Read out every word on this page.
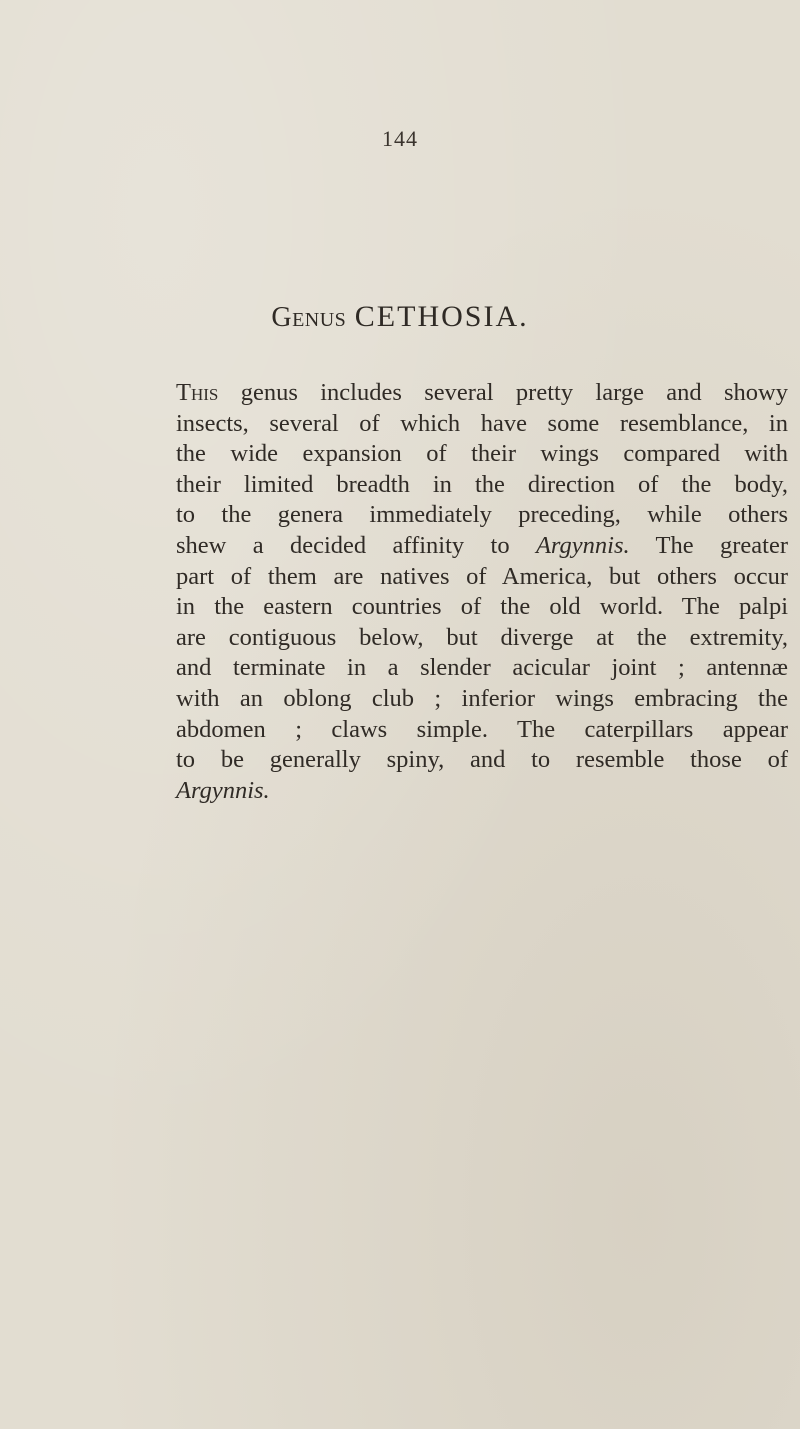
144
Genus CETHOSIA.
Thıs genus includes several pretty large and showy
insects, several of which have some resemblance, in
the wide expansion of their wings compared with
their limited breadth in the direction of the body,
to the genera immediately preceding, while others
shew a decided affinity to Argynnis. The greater
part of them are natives of America, but others occur
in the eastern countries of the old world. The palpi
are contiguous below, but diverge at the extremity,
and terminate in a slender acicular joint ; antennæ
with an oblong club ; inferior wings embracing the
abdomen ; claws simple. The caterpillars appear
to be generally spiny, and to resemble those of
Argynnis.
